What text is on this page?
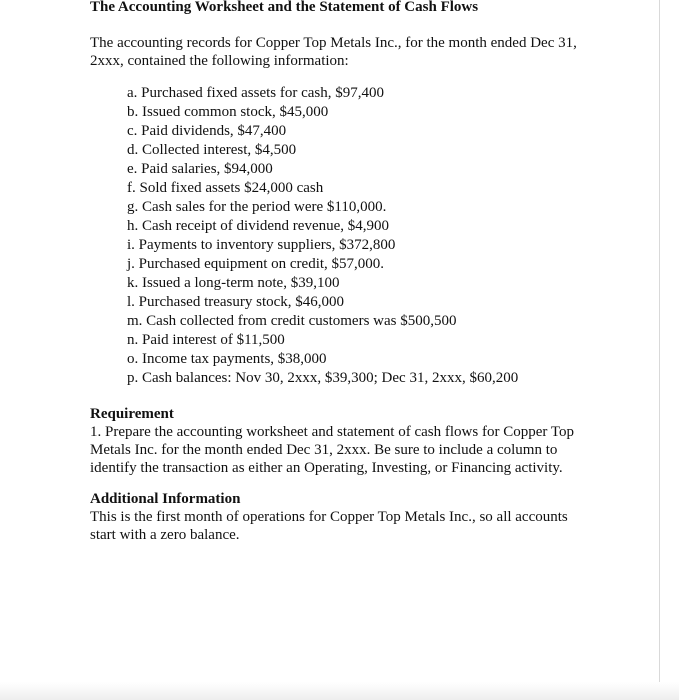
The Accounting Worksheet and the Statement of Cash Flows

The accounting records for Copper Top Metals Inc., for the month ended Dec 31, 2xxx, contained the following information:

a. Purchased fixed assets for cash, $97,400
b. Issued common stock, $45,000
c. Paid dividends, $47,400
d. Collected interest, $4,500
e. Paid salaries, $94,000
f. Sold fixed assets $24,000 cash
g. Cash sales for the period were $110,000.
h. Cash receipt of dividend revenue, $4,900
i. Payments to inventory suppliers, $372,800
j. Purchased equipment on credit, $57,000.
k. Issued a long-term note, $39,100
l. Purchased treasury stock, $46,000
m. Cash collected from credit customers was $500,500
n. Paid interest of $11,500
o. Income tax payments, $38,000
p. Cash balances: Nov 30, 2xxx, $39,300; Dec 31, 2xxx, $60,200

Requirement

1. Prepare the accounting worksheet and statement of cash flows for Copper Top Metals Inc. for the month ended Dec 31, 2xxx. Be sure to include a column to identify the transaction as either an Operating, Investing, or Financing activity.

Additional Information

This is the first month of operations for Copper Top Metals Inc., so all accounts start with a zero balance.
